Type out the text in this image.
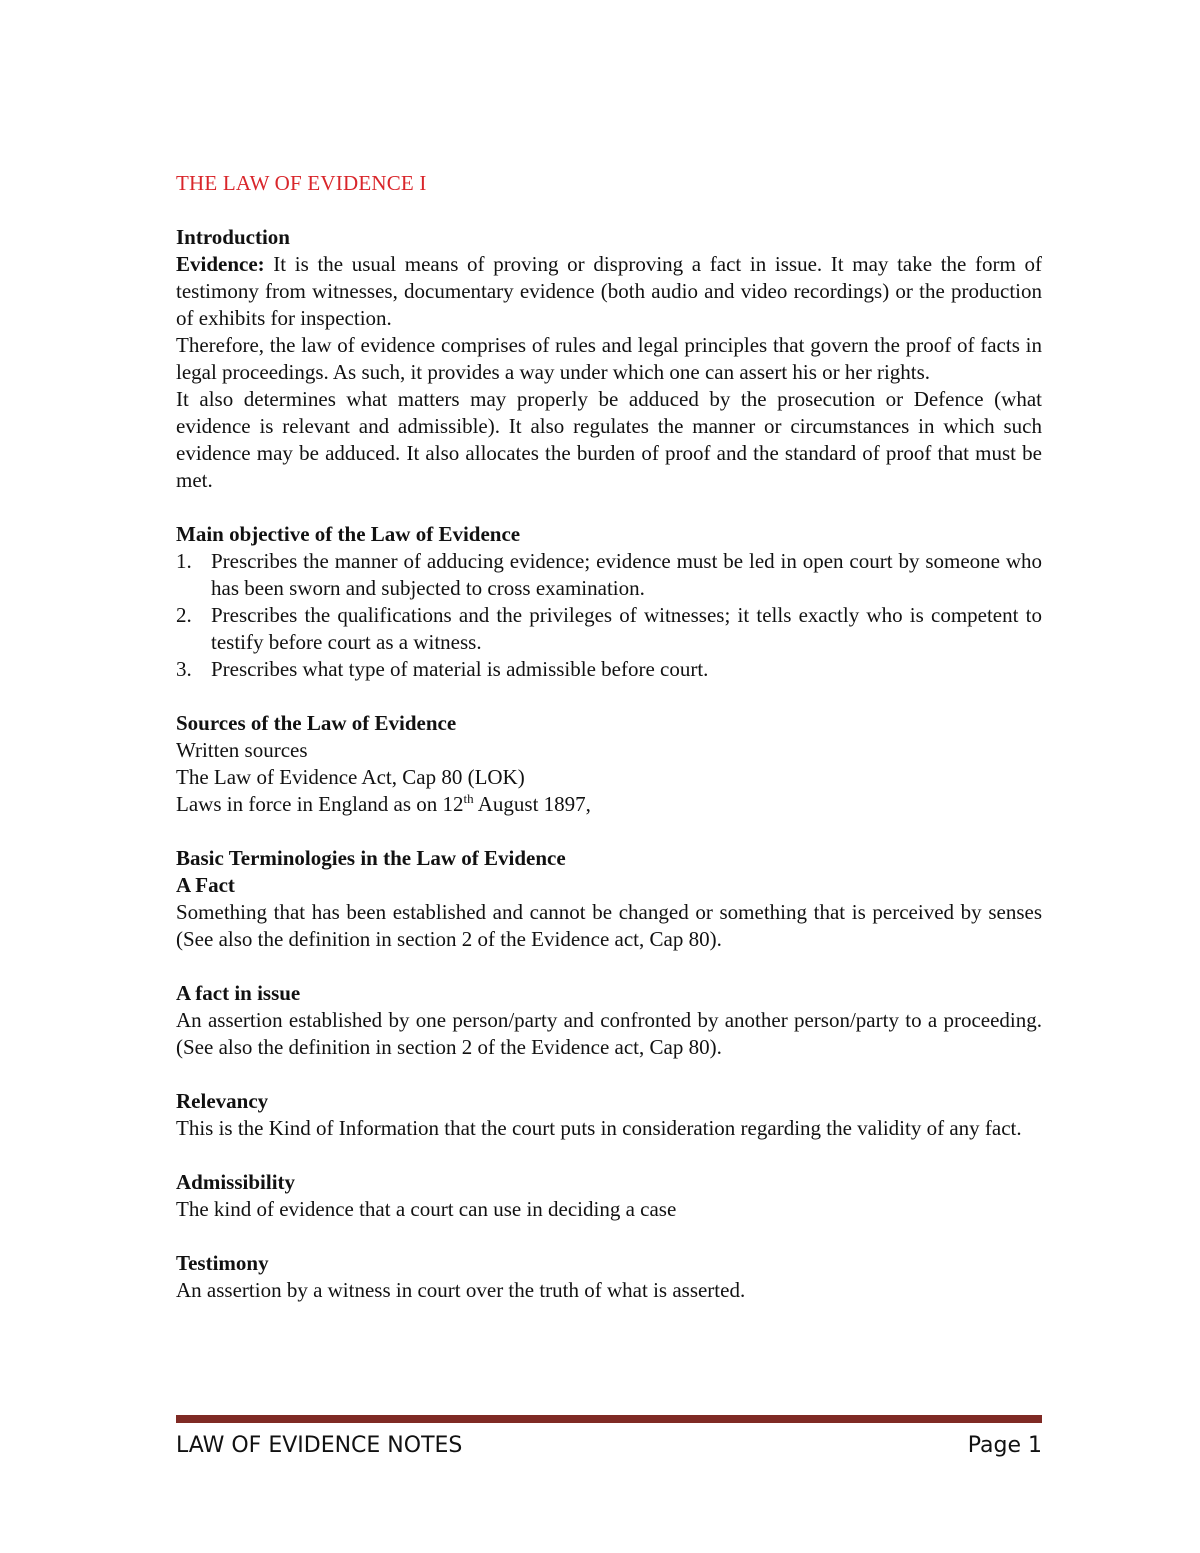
THE LAW OF EVIDENCE I

Introduction

Evidence: It is the usual means of proving or disproving a fact in issue. It may take the form of testimony from witnesses, documentary evidence (both audio and video recordings) or the production of exhibits for inspection.

Therefore, the law of evidence comprises of rules and legal principles that govern the proof of facts in legal proceedings. As such, it provides a way under which one can assert his or her rights.

It also determines what matters may properly be adduced by the prosecution or Defence (what evidence is relevant and admissible). It also regulates the manner or circumstances in which such evidence may be adduced. It also allocates the burden of proof and the standard of proof that must be met.

Main objective of the Law of Evidence

1. Prescribes the manner of adducing evidence; evidence must be led in open court by someone who has been sworn and subjected to cross examination.
2. Prescribes the qualifications and the privileges of witnesses; it tells exactly who is competent to testify before court as a witness.
3. Prescribes what type of material is admissible before court.

Sources of the Law of Evidence

Written sources

The Law of Evidence Act, Cap 80 (LOK)

Laws in force in England as on 12th August 1897,

Basic Terminologies in the Law of Evidence

A Fact

Something that has been established and cannot be changed or something that is perceived by senses (See also the definition in section 2 of the Evidence act, Cap 80).

A fact in issue

An assertion established by one person/party and confronted by another person/party to a proceeding. (See also the definition in section 2 of the Evidence act, Cap 80).

Relevancy

This is the Kind of Information that the court puts in consideration regarding the validity of any fact.

Admissibility

The kind of evidence that a court can use in deciding a case

Testimony

An assertion by a witness in court over the truth of what is asserted.

LAW OF EVIDENCE NOTES	Page 1
